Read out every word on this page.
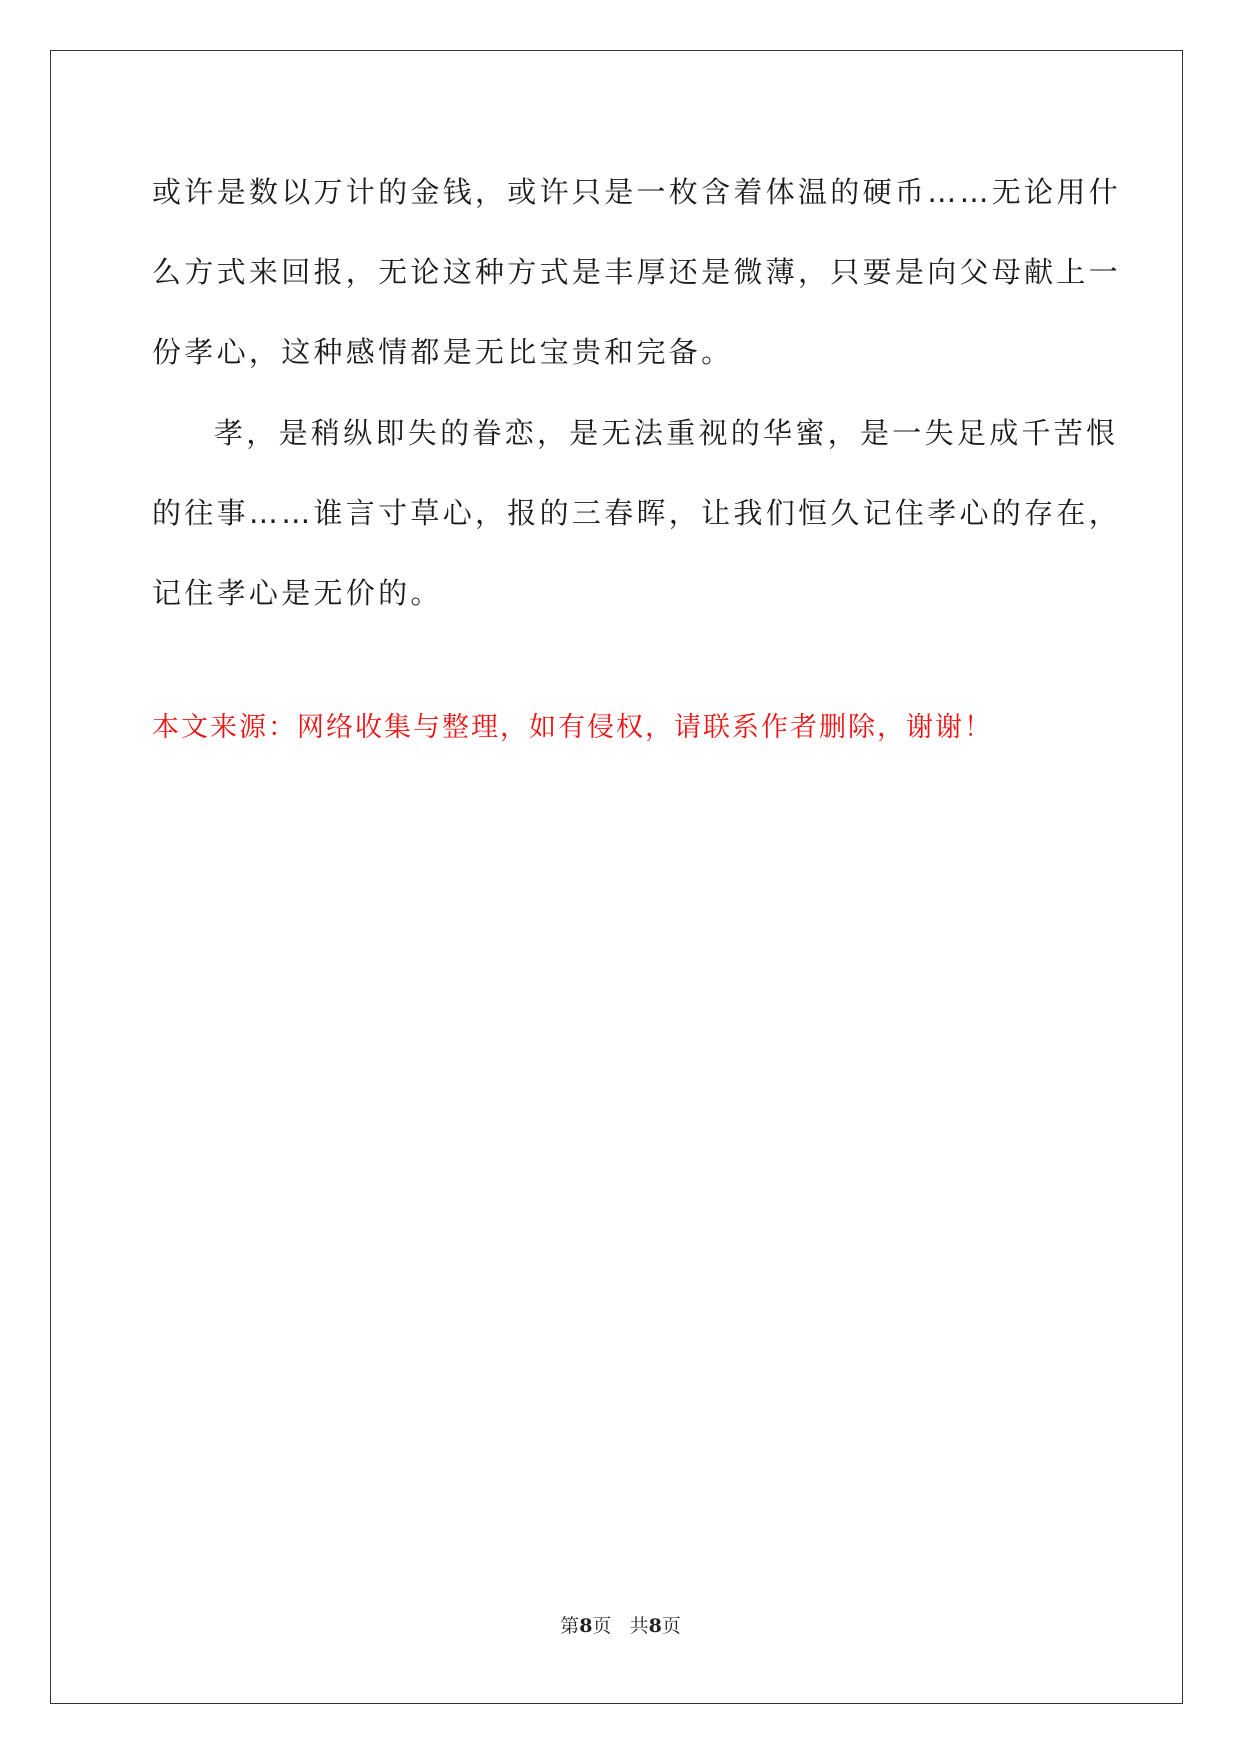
或许是数以万计的金钱，或许只是一枚含着体温的硬币……无论用什
么方式来回报，无论这种方式是丰厚还是微薄，只要是向父母献上一
份孝心，这种感情都是无比宝贵和完备。
孝，是稍纵即失的眷恋，是无法重视的华蜜，是一失足成千苦恨
的往事……谁言寸草心，报的三春晖，让我们恒久记住孝心的存在，
记住孝心是无价的。
本文来源：网络收集与整理，如有侵权，请联系作者删除，谢谢！
第8页 共8页
